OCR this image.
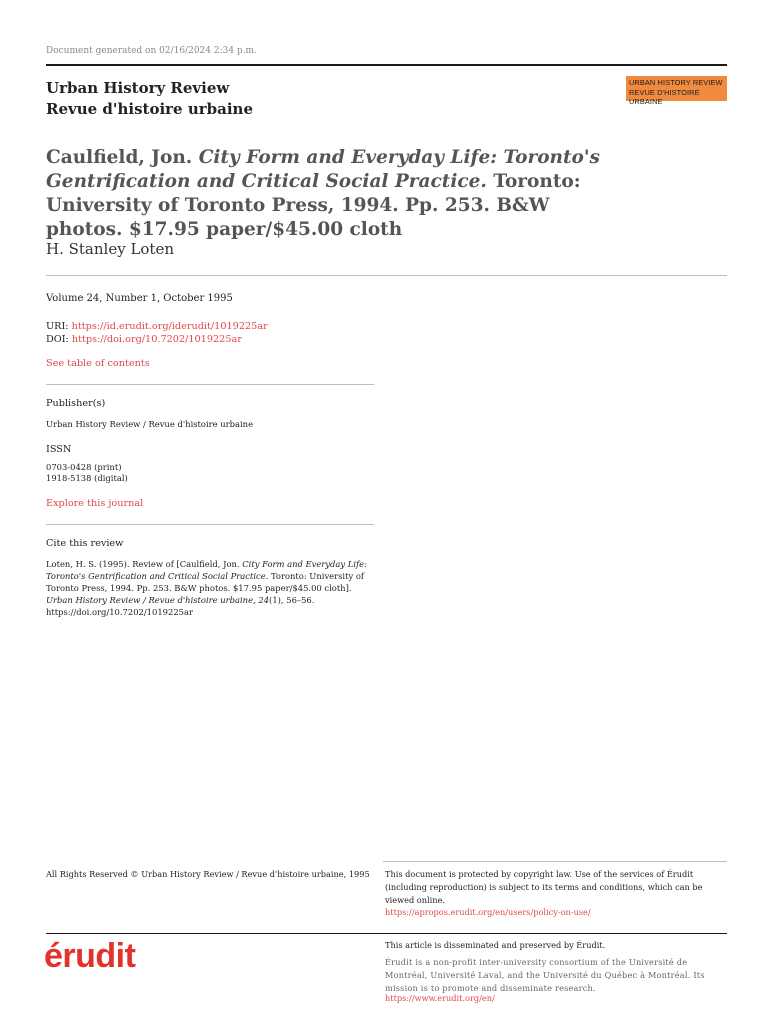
Document generated on 02/16/2024 2:34 p.m.
Urban History Review
Revue d'histoire urbaine
URBAN HISTORY REVIEW
REVUE D'HISTOIRE URBAINE
Caulfield, Jon. City Form and Everyday Life: Toronto's Gentrification and Critical Social Practice. Toronto: University of Toronto Press, 1994. Pp. 253. B&W photos. $17.95 paper/$45.00 cloth
H. Stanley Loten
Volume 24, Number 1, October 1995
URI: https://id.erudit.org/iderudit/1019225ar
DOI: https://doi.org/10.7202/1019225ar
See table of contents
Publisher(s)
Urban History Review / Revue d'histoire urbaine
ISSN
0703-0428 (print)
1918-5138 (digital)
Explore this journal
Cite this review
Loten, H. S. (1995). Review of [Caulfield, Jon. City Form and Everyday Life: Toronto's Gentrification and Critical Social Practice. Toronto: University of Toronto Press, 1994. Pp. 253. B&W photos. $17.95 paper/$45.00 cloth]. Urban History Review / Revue d'histoire urbaine, 24(1), 56–56. https://doi.org/10.7202/1019225ar
All Rights Reserved © Urban History Review / Revue d'histoire urbaine, 1995 This document is protected by copyright law. Use of the services of Érudit (including reproduction) is subject to its terms and conditions, which can be viewed online.
https://apropos.erudit.org/en/users/policy-on-use/
érudit	This article is disseminated and preserved by Érudit.
Érudit is a non-profit inter-university consortium of the Université de Montréal, Université Laval, and the Université du Québec à Montréal. Its mission is to promote and disseminate research.
https://www.erudit.org/en/
